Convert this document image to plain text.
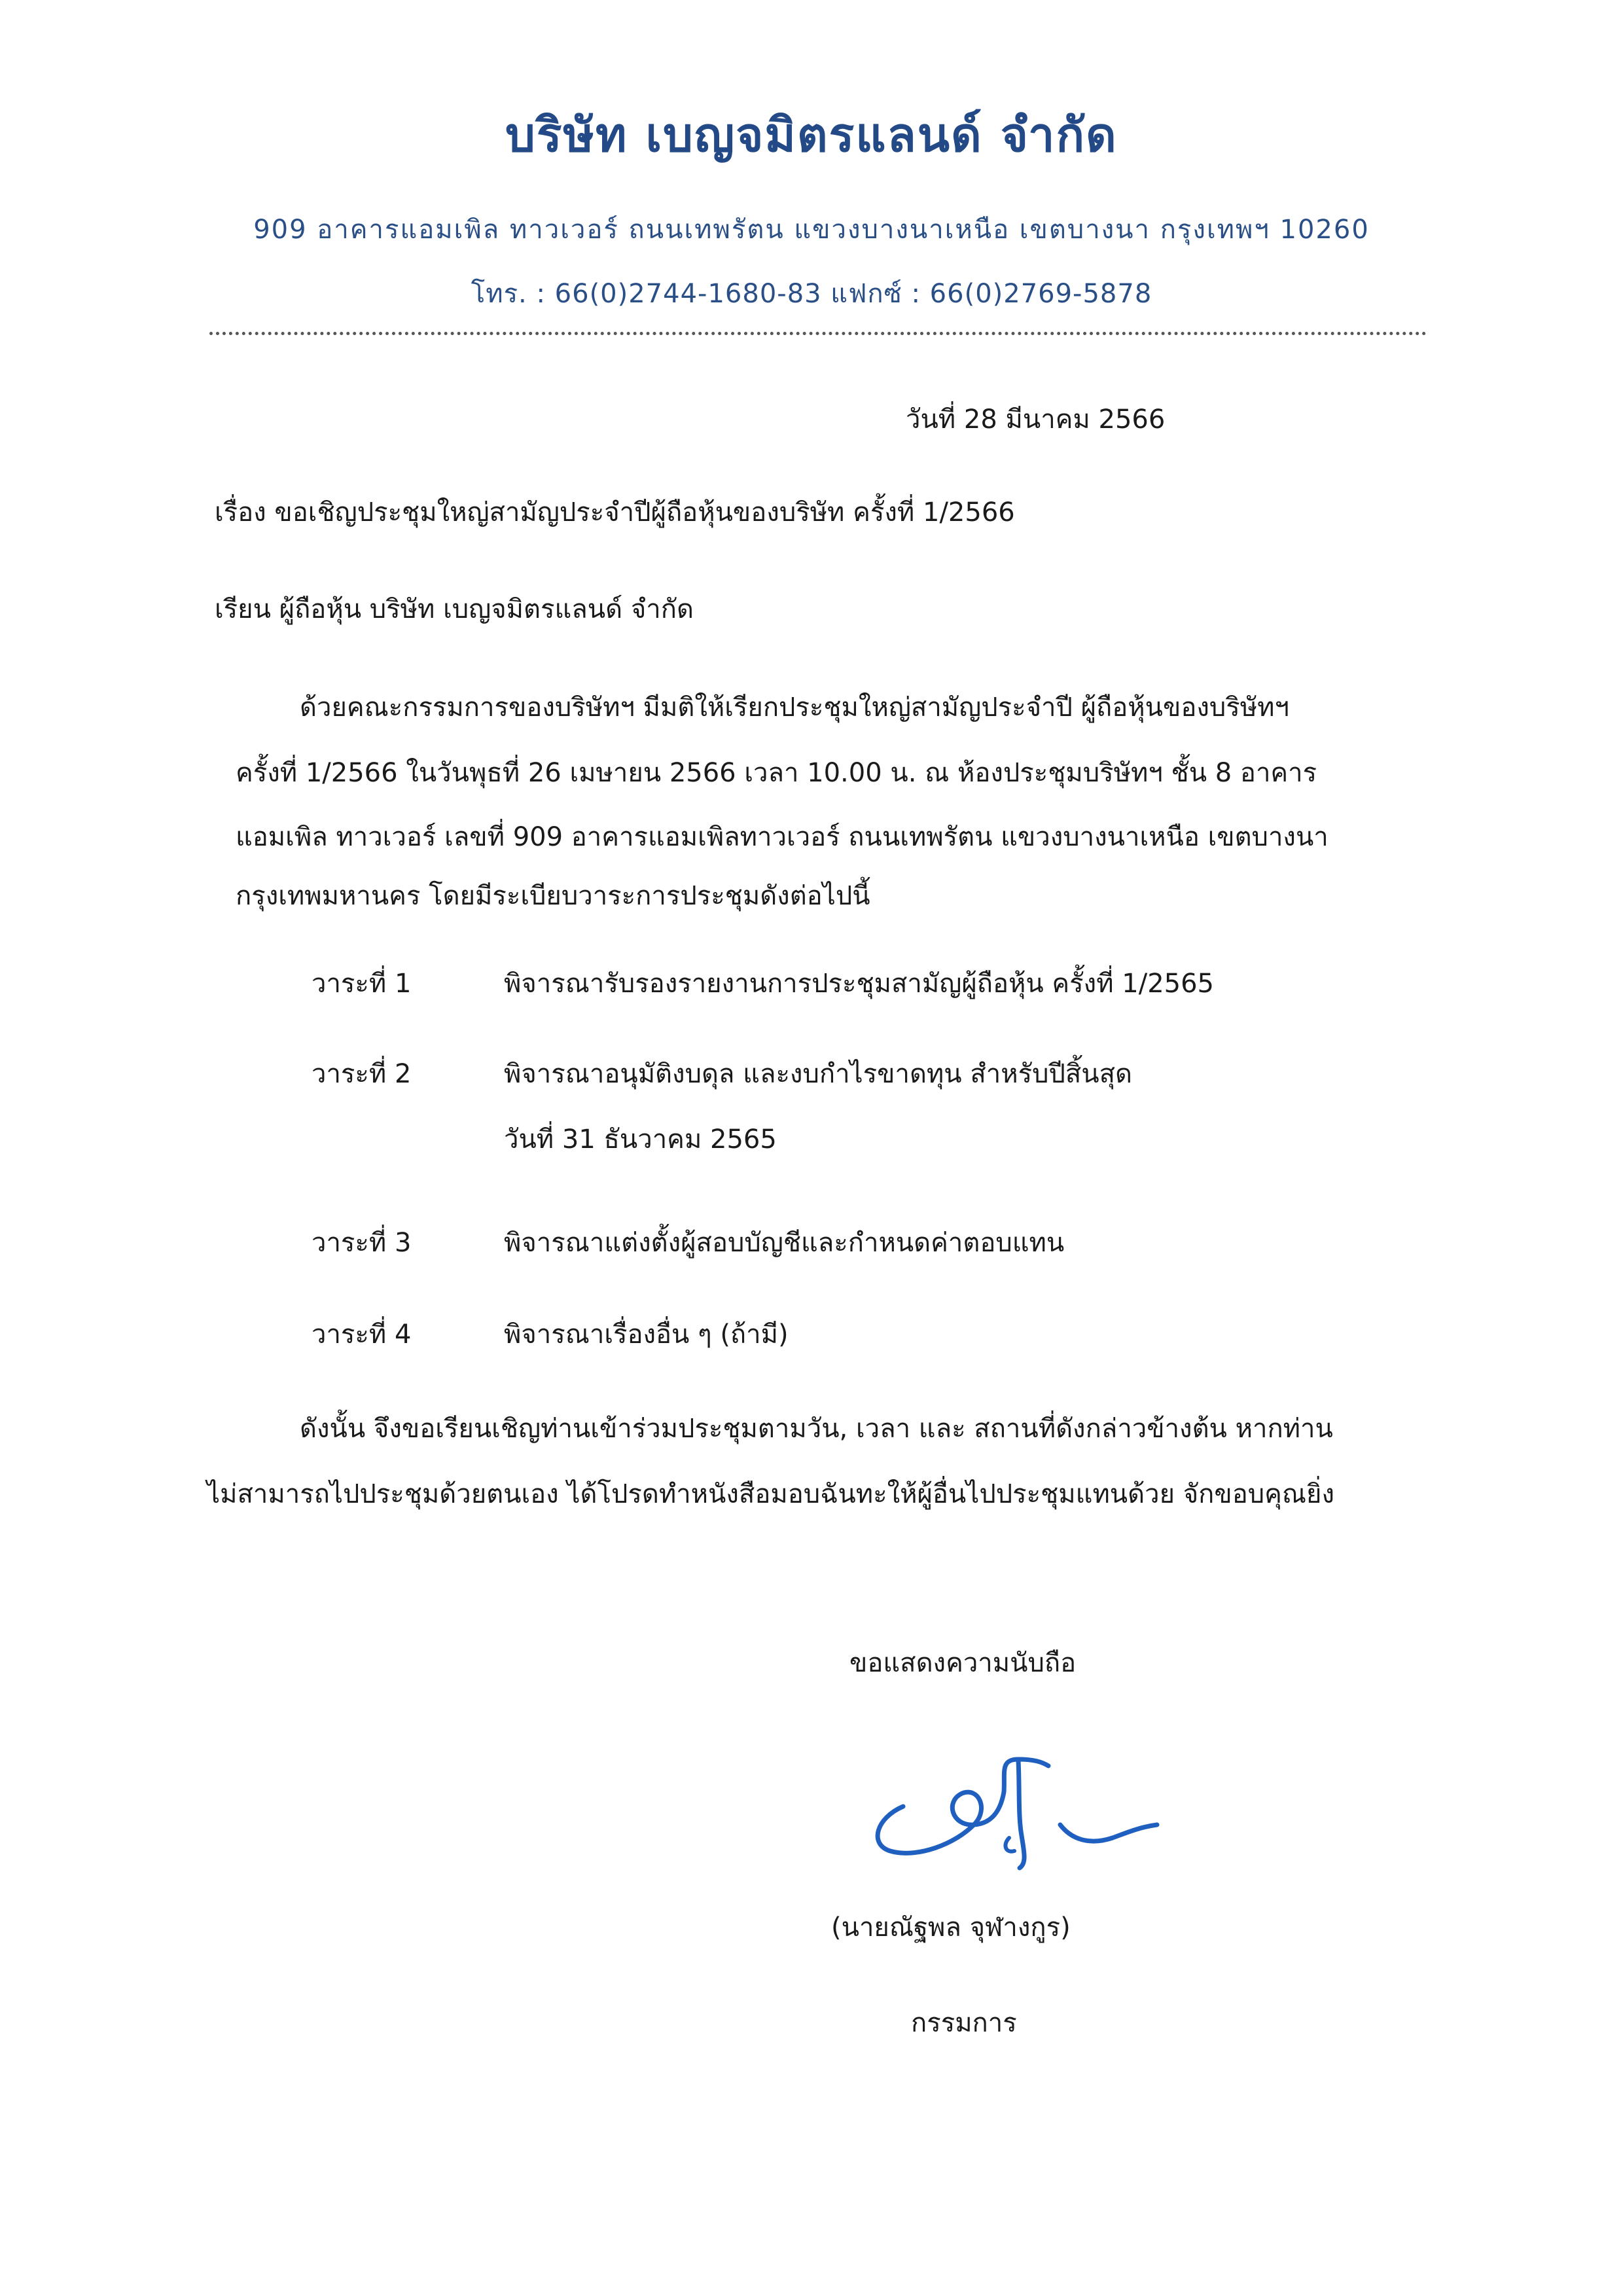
บริษัท เบญจมิตรแลนด์ จำกัด
909 อาคารแอมเพิล ทาวเวอร์ ถนนเทพรัตน แขวงบางนาเหนือ เขตบางนา กรุงเทพฯ 10260
โทร. : 66(0)2744-1680-83 แฟกซ์ : 66(0)2769-5878
วันที่ 28 มีนาคม 2566
เรื่อง ขอเชิญประชุมใหญ่สามัญประจำปีผู้ถือหุ้นของบริษัท ครั้งที่ 1/2566
เรียน ผู้ถือหุ้น บริษัท เบญจมิตรแลนด์ จำกัด
ด้วยคณะกรรมการของบริษัทฯ มีมติให้เรียกประชุมใหญ่สามัญประจำปี ผู้ถือหุ้นของบริษัทฯ
ครั้งที่ 1/2566 ในวันพุธที่ 26 เมษายน 2566 เวลา 10.00 น. ณ ห้องประชุมบริษัทฯ ชั้น 8 อาคาร
แอมเพิล ทาวเวอร์ เลขที่ 909 อาคารแอมเพิลทาวเวอร์ ถนนเทพรัตน แขวงบางนาเหนือ เขตบางนา
กรุงเทพมหานคร โดยมีระเบียบวาระการประชุมดังต่อไปนี้
วาระที่ 1	พิจารณารับรองรายงานการประชุมสามัญผู้ถือหุ้น ครั้งที่ 1/2565
วาระที่ 2	พิจารณาอนุมัติงบดุล และงบกำไรขาดทุน สำหรับปีสิ้นสุด
วันที่ 31 ธันวาคม 2565
วาระที่ 3	พิจารณาแต่งตั้งผู้สอบบัญชีและกำหนดค่าตอบแทน
วาระที่ 4	พิจารณาเรื่องอื่น ๆ (ถ้ามี)
ดังนั้น จึงขอเรียนเชิญท่านเข้าร่วมประชุมตามวัน, เวลา และ สถานที่ดังกล่าวข้างต้น หากท่าน
ไม่สามารถไปประชุมด้วยตนเอง ได้โปรดทำหนังสือมอบฉันทะให้ผู้อื่นไปประชุมแทนด้วย จักขอบคุณยิ่ง
ขอแสดงความนับถือ
(นายณัฐพล จุฬางกูร)
กรรมการ
